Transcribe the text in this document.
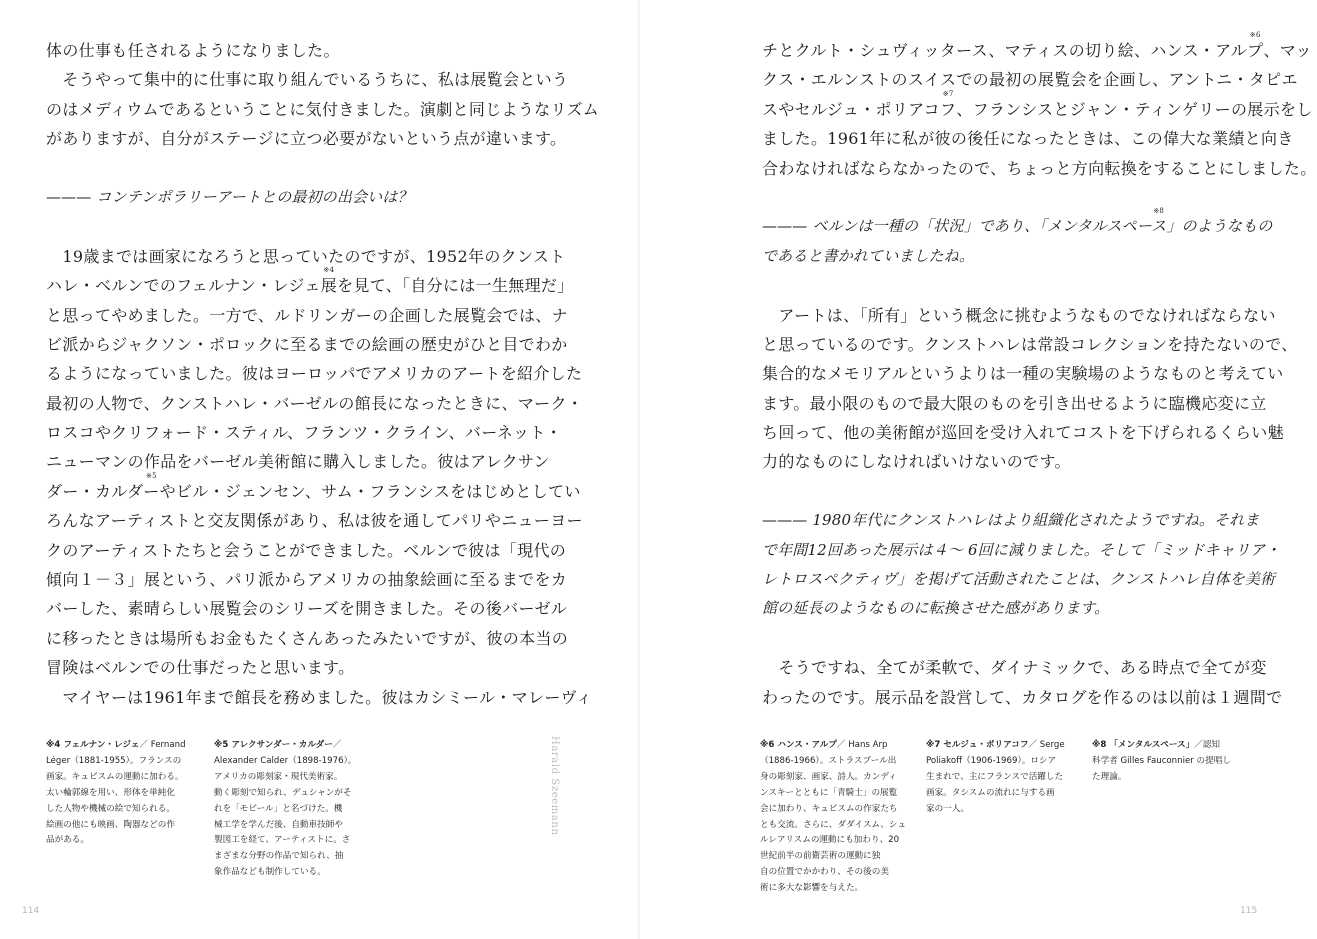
体の仕事も任されるようになりました。
　そうやって集中的に仕事に取り組んでいるうちに、私は展覧会という
のはメディウムであるということに気付きました。演劇と同じようなリズム
がありますが、自分がステージに立つ必要がないという点が違います。
——— コンテンポラリーアートとの最初の出会いは？
　19歳までは画家になろうと思っていたのですが、1952年のクンスト
ハレ・ベルンでのフェルナン・レジェ展
※4
を見て、「自分には一生無理だ」
と思ってやめました。一方で、ルドリンガーの企画した展覧会では、ナ
ビ派からジャクソン・ポロックに至るまでの絵画の歴史がひと目でわか
るようになっていました。彼はヨーロッパでアメリカのアートを紹介した
最初の人物で、クンストハレ・バーゼルの館長になったときに、マーク・
ロスコやクリフォード・スティル、フランツ・クライン、バーネット・
ニューマンの作品をバーゼル美術館に購入しました。彼はアレクサン
ダー・カルダー
※5
やビル・ジェンセン、サム・フランシスをはじめとしてい
ろんなアーティストと交友関係があり、私は彼を通してパリやニューヨー
クのアーティストたちと会うことができました。ベルンで彼は「現代の
傾向１－３」展という、パリ派からアメリカの抽象絵画に至るまでをカ
バーした、素晴らしい展覧会のシリーズを開きました。その後バーゼル
に移ったときは場所もお金もたくさんあったみたいですが、彼の本当の
冒険はベルンでの仕事だったと思います。
　マイヤーは1961年まで館長を務めました。彼はカシミール・マレーヴィ
※4 フェルナン・レジェ／ Fernand
Léger（1881-1955）。フランスの
画家。キュビスムの運動に加わる。
太い輪郭線を用い、形体を単純化
した人物や機械の絵で知られる。
絵画の他にも映画、陶器などの作
品がある。
※5 アレクサンダー・カルダー／
Alexander Calder（1898-1976）。
アメリカの彫刻家・現代美術家。
動く彫刻で知られ、デュシャンがそ
れを「モビール」と名づけた。機
械工学を学んだ後、自動車技師や
製図工を経て、アーティストに。さ
まざまな分野の作品で知られ、抽
象作品なども制作している。
Harald Szeemann
114
チとクルト・シュヴィッタース、マティスの切り絵、ハンス・アルプ
※6
、マッ
クス・エルンストのスイスでの最初の展覧会を企画し、アントニ・タピエ
スやセルジュ・ポリアコフ
※7
、フランシスとジャン・ティンゲリーの展示をし
ました。1961年に私が彼の後任になったときは、この偉大な業績と向き
合わなければならなかったので、ちょっと方向転換をすることにしました。
——— ベルンは一種の「状況」であり、「メンタルスペース
※8
」のようなもの
であると書かれていましたね。
　アートは、「所有」という概念に挑むようなものでなければならない
と思っているのです。クンストハレは常設コレクションを持たないので、
集合的なメモリアルというよりは一種の実験場のようなものと考えてい
ます。最小限のもので最大限のものを引き出せるように臨機応変に立
ち回って、他の美術館が巡回を受け入れてコストを下げられるくらい魅
力的なものにしなければいけないのです。
——— 1980年代にクンストハレはより組織化されたようですね。それま
で年間12回あった展示は４～ 6回に減りました。そして「ミッドキャリア・
レトロスペクティヴ」を掲げて活動されたことは、クンストハレ自体を美術
館の延長のようなものに転換させた感があります。
　そうですね、全てが柔軟で、ダイナミックで、ある時点で全てが変
わったのです。展示品を設営して、カタログを作るのは以前は１週間で
※6 ハンス・アルプ／ Hans Arp
（1886-1966）。ストラスブール出
身の彫刻家、画家、詩人。カンディ
ンスキーとともに「青騎士」の展覧
会に加わり、キュビスムの作家たち
とも交流。さらに、ダダイスム、シュ
ルレアリスムの運動にも加わり、20
世紀前半の前衛芸術の運動に独
自の位置でかかわり、その後の美
術に多大な影響を与えた。
※7 セルジュ・ポリアコフ／ Serge
Poliakoff（1906-1969）。ロシア
生まれで、主にフランスで活躍した
画家。タシスムの流れに与する画
家の一人。
※8 「メンタルスペース」／認知
科学者 Gilles Fauconnier の提唱し
た理論。
115
